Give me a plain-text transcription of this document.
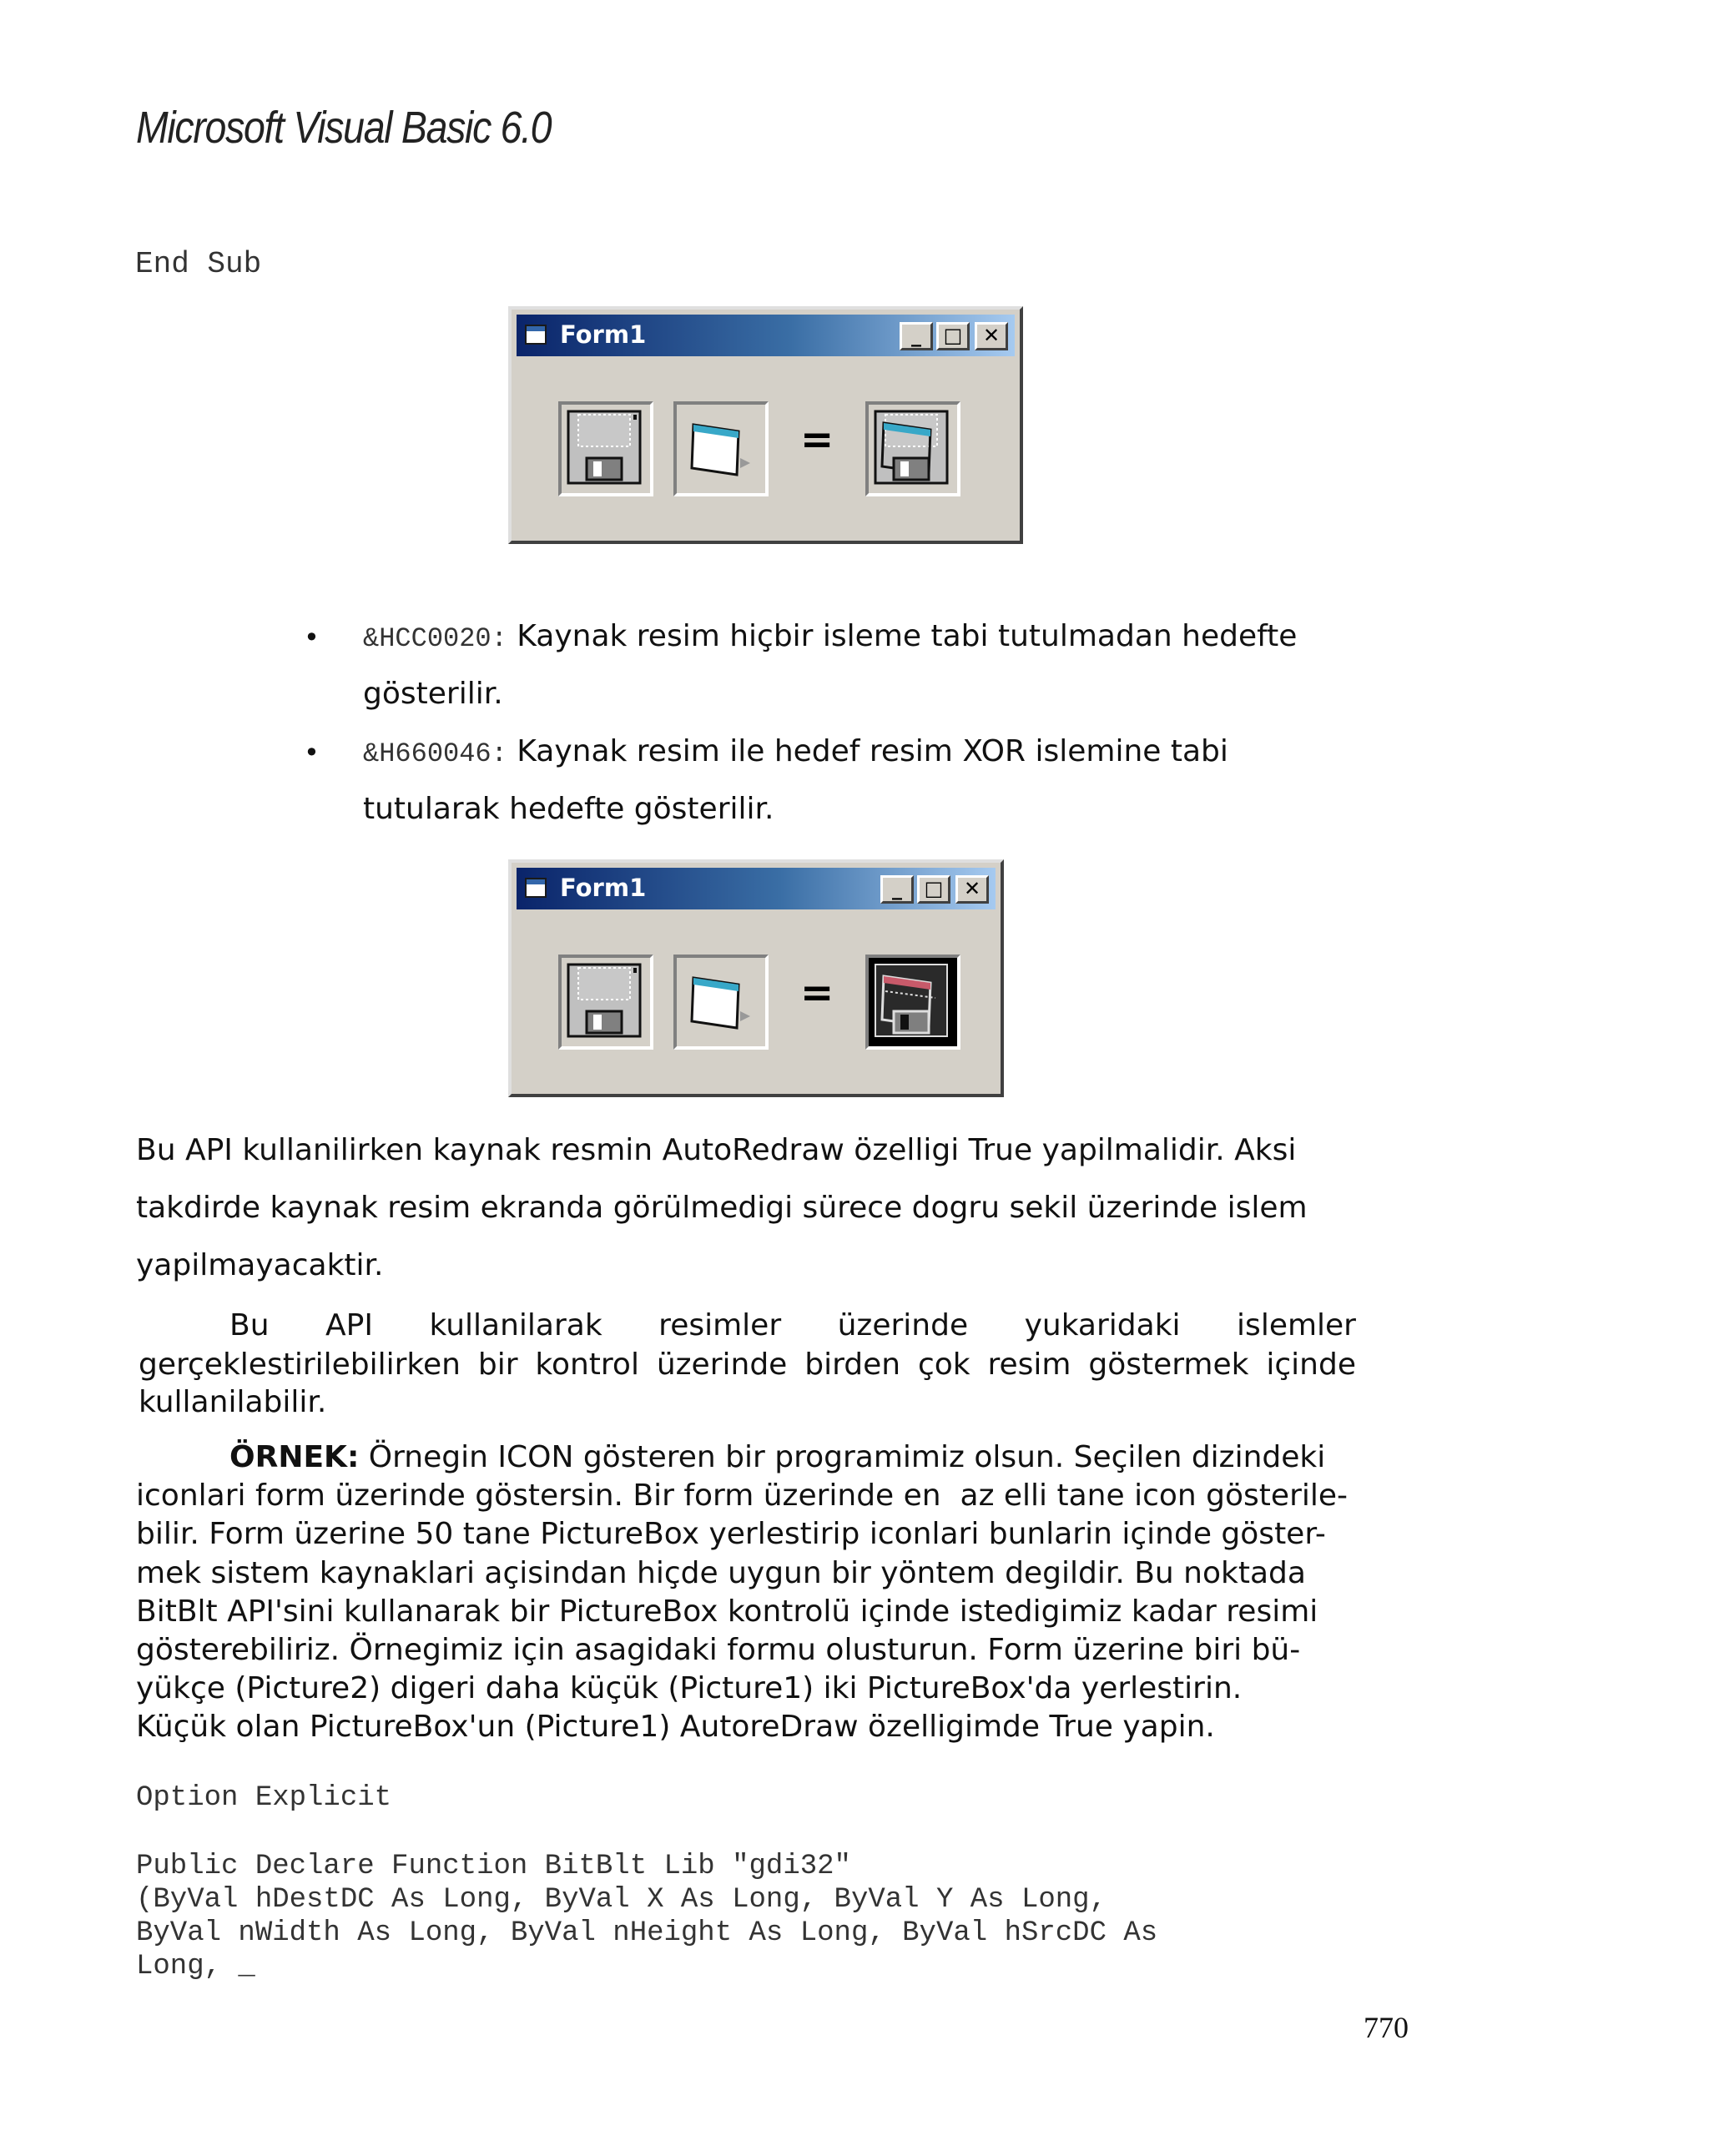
Microsoft Visual Basic 6.0
End Sub
Form1	_	□	✕
=
• &HCC0020: Kaynak resim hiçbir isleme tabi tutulmadan hedefte
gösterilir.
• &H660046: Kaynak resim ile hedef resim XOR islemine tabi
tutularak hedefte gösterilir.
Form1	_	□	✕
=
Bu API kullanilirken kaynak resmin AutoRedraw özelligi True yapilmalidir. Aksi
takdirde kaynak resim ekranda görülmedigi sürece dogru sekil üzerinde islem
yapilmayacaktir.
Bu API kullanilarak resimler üzerinde yukaridaki islemler
gerçeklestirilebilirken bir kontrol üzerinde birden çok resim göstermek içinde
kullanilabilir.
ÖRNEK: Örnegin ICON gösteren bir programimiz olsun. Seçilen dizindeki
iconlari form üzerinde göstersin. Bir form üzerinde en  az elli tane icon gösterile-
bilir. Form üzerine 50 tane PictureBox yerlestirip iconlari bunlarin içinde göster-
mek sistem kaynaklari açisindan hiçde uygun bir yöntem degildir. Bu noktada
BitBlt API'sini kullanarak bir PictureBox kontrolü içinde istedigimiz kadar resimi
gösterebiliriz. Örnegimiz için asagidaki formu olusturun. Form üzerine biri bü-
yükçe (Picture2) digeri daha küçük (Picture1) iki PictureBox'da yerlestirin.
Küçük olan PictureBox'un (Picture1) AutoreDraw özelligimde True yapin.
Option Explicit
Public Declare Function BitBlt Lib "gdi32"
(ByVal hDestDC As Long, ByVal X As Long, ByVal Y As Long,
ByVal nWidth As Long, ByVal nHeight As Long, ByVal hSrcDC As
Long, _
770
